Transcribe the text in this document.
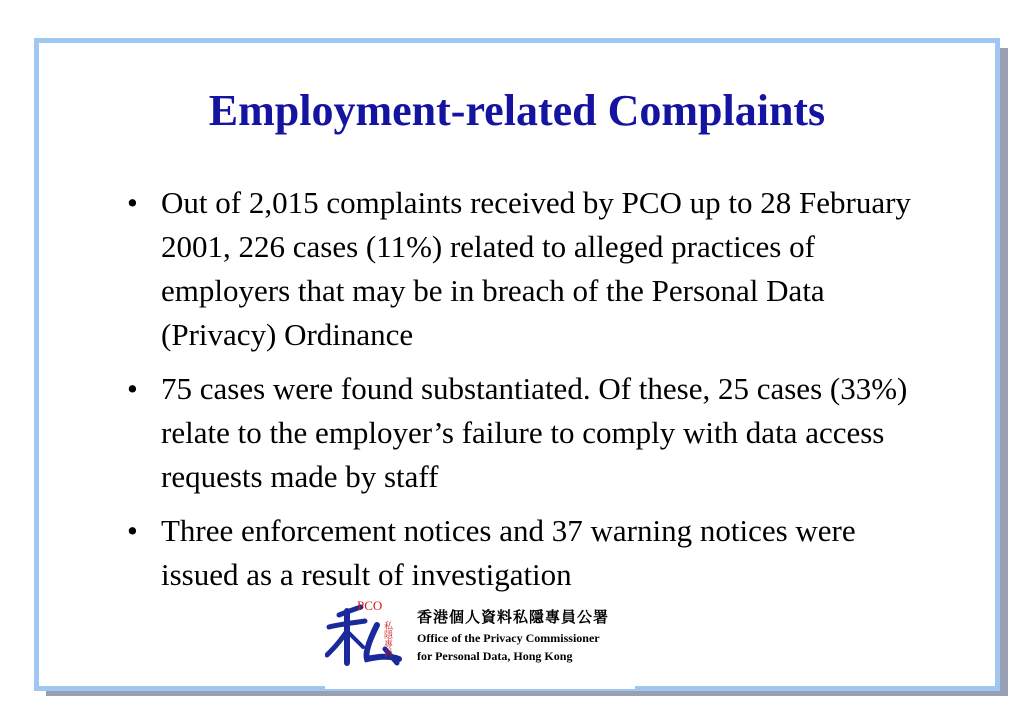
Employment-related Complaints
• Out of 2,015 complaints received by PCO up to 28 February 2001, 226 cases (11%) related to alleged practices of employers that may be in breach of the Personal Data (Privacy) Ordinance
• 75 cases were found substantiated. Of these, 25 cases (33%) relate to the employer’s failure to comply with data access requests made by staff
• Three enforcement notices and 37 warning notices were issued as a result of investigation
PCO
私隱專員
香港個人資料私隱專員公署
Office of the Privacy Commissioner
for Personal Data, Hong Kong
